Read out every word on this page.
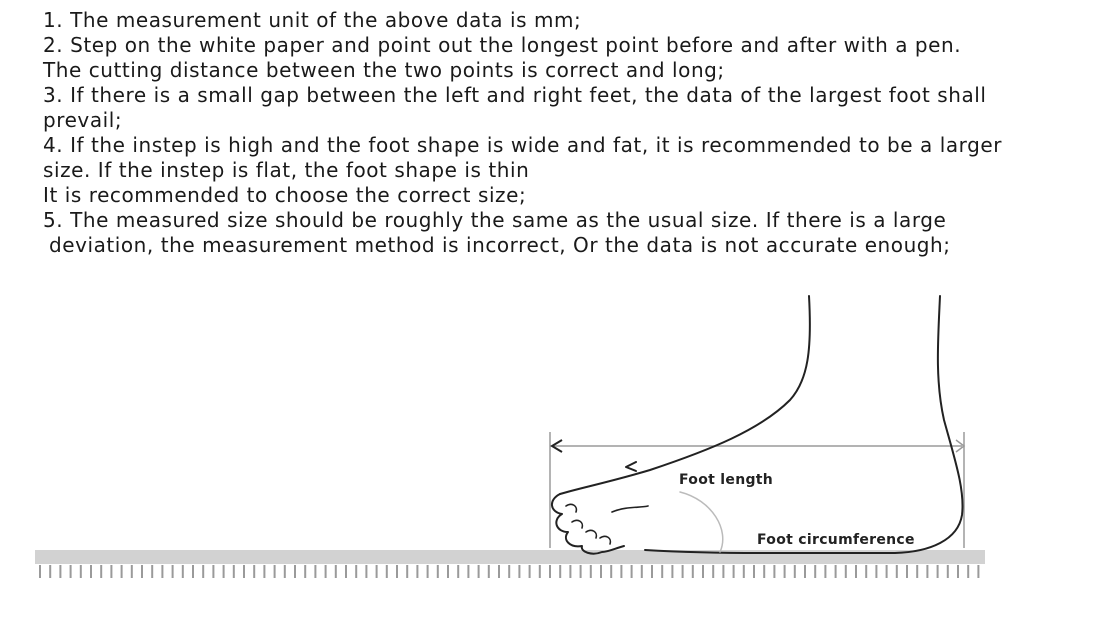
1. The measurement unit of the above data is mm;
2. Step on the white paper and point out the longest point before and after with a pen.
The cutting distance between the two points is correct and long;
3. If there is a small gap between the left and right feet, the data of the largest foot shall
prevail;
4. If the instep is high and the foot shape is wide and fat, it is recommended to be a larger
size. If the instep is flat, the foot shape is thin
It is recommended to choose the correct size;
5. The measured size should be roughly the same as the usual size. If there is a large
deviation, the measurement method is incorrect, Or the data is not accurate enough;
Foot length
Foot circumference
